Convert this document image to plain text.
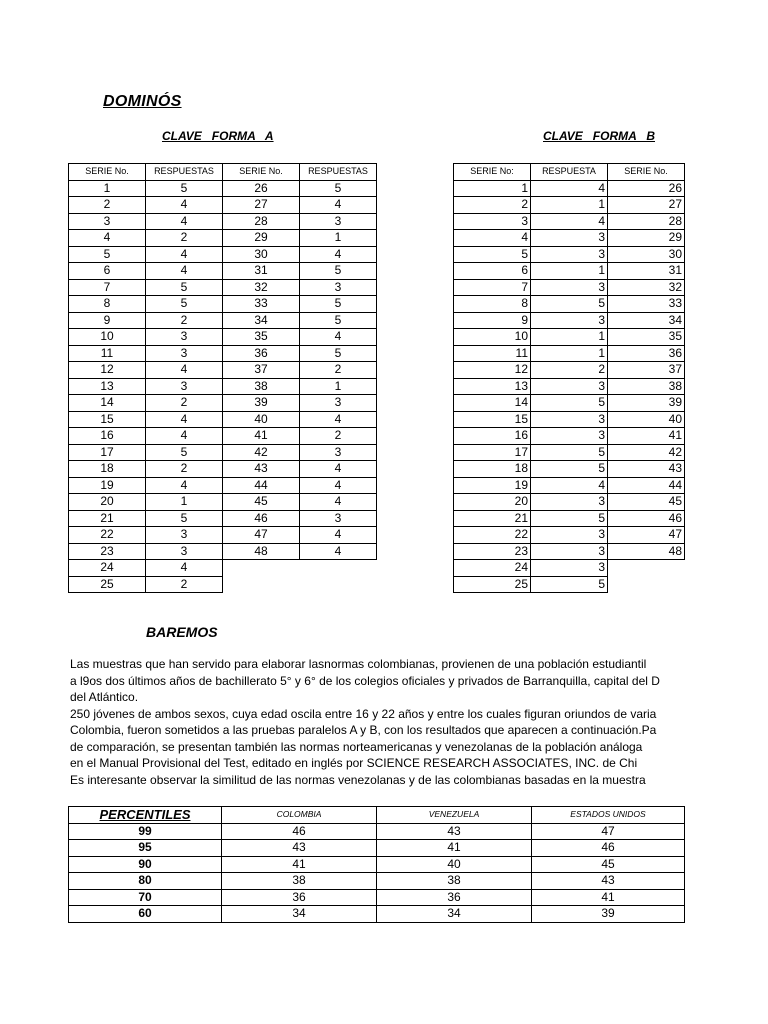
DOMINÓS
CLAVE   FORMA   A	CLAVE   FORMA   B
SERIE No.	RESPUESTAS	SERIE No.	RESPUESTAS
1	5	26	5
2	4	27	4
3	4	28	3
4	2	29	1
5	4	30	4
6	4	31	5
7	5	32	3
8	5	33	5
9	2	34	5
10	3	35	4
11	3	36	5
12	4	37	2
13	3	38	1
14	2	39	3
15	4	40	4
16	4	41	2
17	5	42	3
18	2	43	4
19	4	44	4
20	1	45	4
21	5	46	3
22	3	47	4
23	3	48	4
24	4		
25	2		
SERIE No:	RESPUESTA	SERIE No.
1	4	26
2	1	27
3	4	28
4	3	29
5	3	30
6	1	31
7	3	32
8	5	33
9	3	34
10	1	35
11	1	36
12	2	37
13	3	38
14	5	39
15	3	40
16	3	41
17	5	42
18	5	43
19	4	44
20	3	45
21	5	46
22	3	47
23	3	48
24	3	
25	5	
BAREMOS
Las muestras que han servido para elaborar lasnormas colombianas, provienen de una población estudiantil
a l9os dos últimos años de bachillerato 5° y 6° de los colegios oficiales y privados de Barranquilla, capital del D
del Atlántico.
250 jóvenes de ambos sexos, cuya edad oscila entre 16 y 22 años y entre los cuales figuran oriundos de varia
Colombia, fueron sometidos a las pruebas paralelos A y B, con los resultados que aparecen a continuación.Pa
de comparación, se presentan también las normas norteamericanas y venezolanas de la población análoga
en el Manual Provisional del Test, editado en inglés por SCIENCE RESEARCH ASSOCIATES, INC. de Chi
Es interesante observar la similitud de las normas venezolanas y de las colombianas basadas en la muestra
PERCENTILES	COLOMBIA	VENEZUELA	ESTADOS UNIDOS
99	46	43	47
95	43	41	46
90	41	40	45
80	38	38	43
70	36	36	41
60	34	34	39
